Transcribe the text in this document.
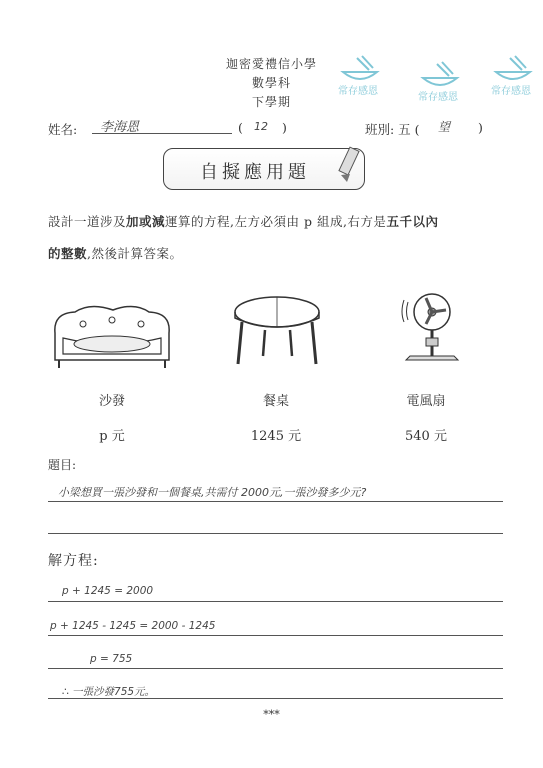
迦密愛禮信小學
數學科
下學期
常存感恩
常存感恩
常存感恩
姓名: 李海恩	( 12 )	班別: 五 ( 望 )
自擬應用題
設計一道涉及加或減運算的方程,左方必須由 p 組成,右方是五千以內
的整數,然後計算答案。
沙發	餐桌	電風扇
p 元	1245 元	540 元
題目:
小梁想買一張沙發和一個餐桌,共需付 2000元,一張沙發多少元?
解方程:
p + 1245 = 2000
p + 1245 - 1245 = 2000 - 1245
p = 755
∴ 一張沙發755元。
***
